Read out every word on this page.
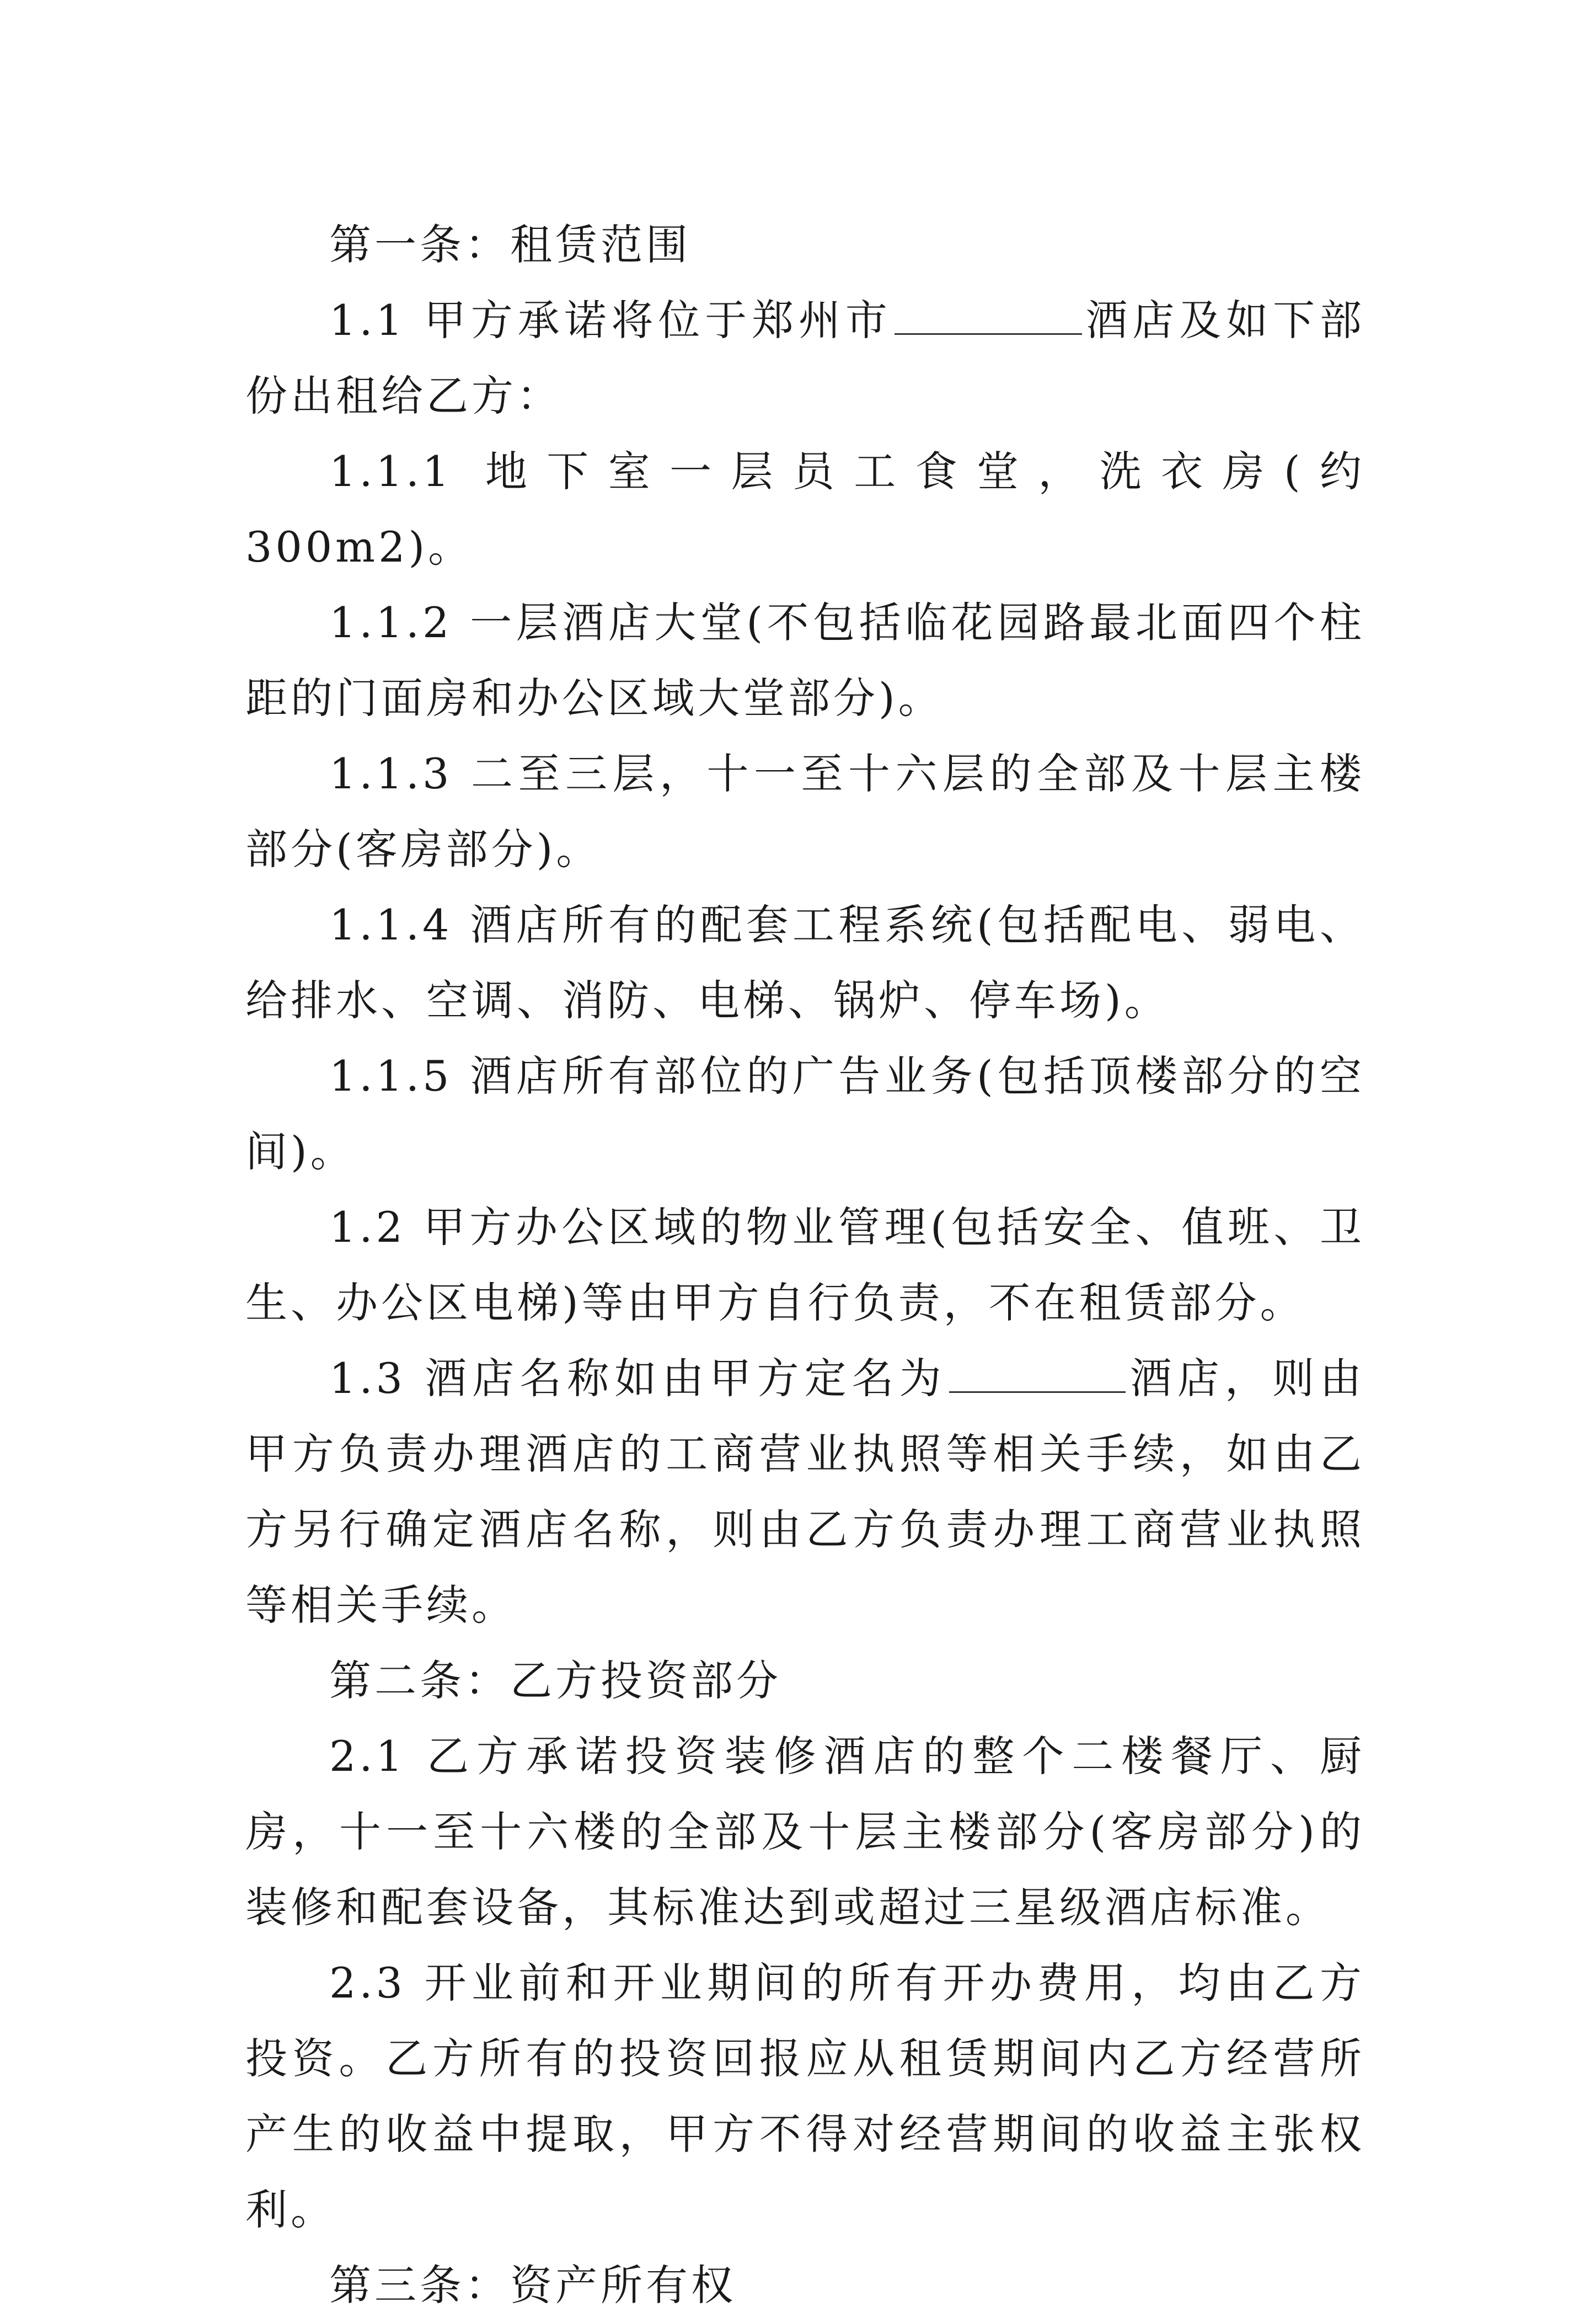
第一条：租赁范围

1.1 甲方承诺将位于郑州市	酒店及如下部份出租给乙方：

1.1.1 地下室一层员工食堂，洗衣房(约 300m2)。

1.1.2 一层酒店大堂(不包括临花园路最北面四个柱距的门面房和办公区域大堂部分)。

1.1.3 二至三层，十一至十六层的全部及十层主楼部分(客房部分)。

1.1.4 酒店所有的配套工程系统(包括配电、弱电、给排水、空调、消防、电梯、锅炉、停车场)。

1.1.5 酒店所有部位的广告业务(包括顶楼部分的空间)。

1.2 甲方办公区域的物业管理(包括安全、值班、卫生、办公区电梯)等由甲方自行负责，不在租赁部分。

1.3 酒店名称如由甲方定名为	酒店，则由甲方负责办理酒店的工商营业执照等相关手续，如由乙方另行确定酒店名称，则由乙方负责办理工商营业执照等相关手续。

第二条：乙方投资部分

2.1 乙方承诺投资装修酒店的整个二楼餐厅、厨房，十一至十六楼的全部及十层主楼部分(客房部分)的装修和配套设备，其标准达到或超过三星级酒店标准。

2.3 开业前和开业期间的所有开办费用，均由乙方投资。乙方所有的投资回报应从租赁期间内乙方经营所产生的收益中提取，甲方不得对经营期间的收益主张权利。

第三条：资产所有权
